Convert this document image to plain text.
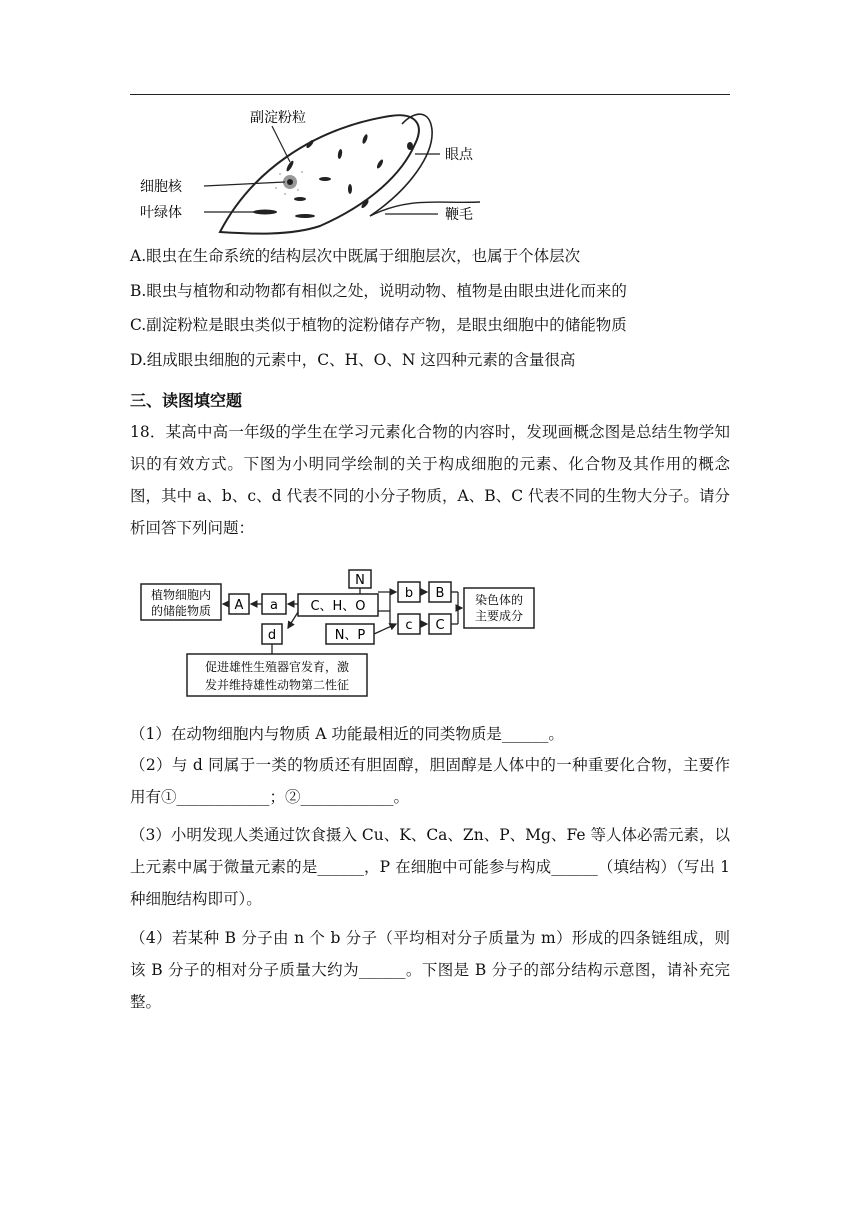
副淀粉粒
细胞核
叶绿体
眼点
鞭毛
A.眼虫在生命系统的结构层次中既属于细胞层次，也属于个体层次
B.眼虫与植物和动物都有相似之处，说明动物、植物是由眼虫进化而来的
C.副淀粉粒是眼虫类似于植物的淀粉储存产物，是眼虫细胞中的储能物质
D.组成眼虫细胞的元素中，C、H、O、N 这四种元素的含量很高
三、读图填空题
18．某高中高一年级的学生在学习元素化合物的内容时，发现画概念图是总结生物学知识的有效方式。下图为小明同学绘制的关于构成细胞的元素、化合物及其作用的概念图，其中 a、b、c、d 代表不同的小分子物质，A、B、C 代表不同的生物大分子。请分析回答下列问题：
植物细胞内
的储能物质 A a C、H、O
N
N、P
b B
c C
d
染色体的
主要成分
促进雄性生殖器官发育，激
发并维持雄性动物第二性征
（1）在动物细胞内与物质 A 功能最相近的同类物质是______。
（2）与 d 同属于一类的物质还有胆固醇，胆固醇是人体中的一种重要化合物，主要作用有①____________；②____________。
（3）小明发现人类通过饮食摄入 Cu、K、Ca、Zn、P、Mg、Fe 等人体必需元素，以上元素中属于微量元素的是______，P 在细胞中可能参与构成______（填结构）（写出 1 种细胞结构即可）。
（4）若某种 B 分子由 n 个 b 分子（平均相对分子质量为 m）形成的四条链组成，则该 B 分子的相对分子质量大约为______。下图是 B 分子的部分结构示意图，请补充完整。
